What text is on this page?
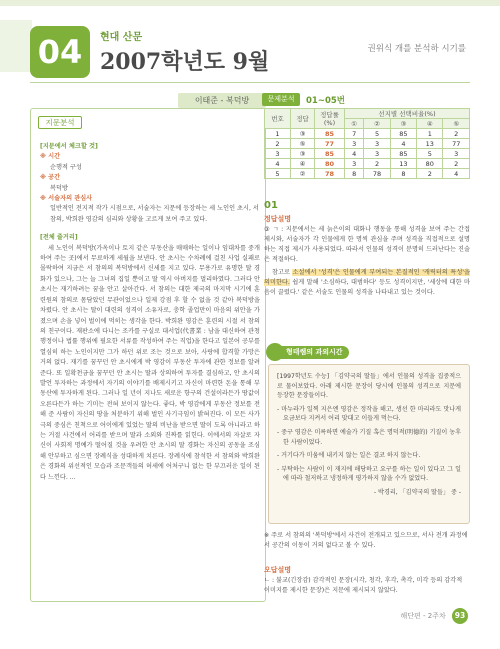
04	현대 산문
2007학년도 9월	권위식 개를 분석하 시기를
이태준 - 복덕방
지문분석
[지문에서 체크할 것]
※ 시간
순행적 구성
※ 공간
복덕방
※ 서술자의 관심사
일반적인 전지적 작가 시점으로, 서술자는 지문에 등장하는 세 노인인 초시, 서 참의, 박희완 영감의 심리와 상황을 고르게 보여 주고 있다.
[전체 줄거리]
세 노인이 복덕방(가옥이나 토지 같은 부동산을 매매하는 일이나 임대차를 중개하여 주는 곳)에서 무료하게 세월을 보낸다. 안 초시는 수차례에 걸친 사업 실패로 몰락하여 지금은 서 참의의 복덕방에서 신세를 지고 있다. 무용가로 유명한 딸 경화가 있으나, 그는 늘 그녀의 집일 뿐이고 딸 역시 아버지를 멀리하였다. 그러다 안 초시는 재기하려는 꿈을 안고 살아간다. 서 참의는 대한 제국의 마지막 시기에 훈련원의 참의로 몸담았던 무관이었으나 일제 강점 후 할 수 없을 것 같아 복덕방을 차렸다. 안 초시는 딸이 대련의 성격이 소유자로, 충학 졸업만이 마음의 위안을 가졌으며 손을 넣어 벌이에 먹히는 생각을 한다. 박희완 영감은 훈련의 시절 서 참의의 친구이다. 재판소에 다니는 조카를 구실로 대서업(代書業 : 남을 대신하여 관청 행정이나 법률 행위에 필요한 서류를 작성하여 주는 직업)을 한다고 일본어 공부를 열심히 하는 노인이지만 그가 하던 위로 조는 것으로 보아, 사랑에 합격할 가망은 거의 없다. 재기를 꿈꾸던 안 초시에게 박 영감이 부동산 투자에 관한 정보를 알려준다. 또 일확천금을 꿈꾸던 안 초시는 딸과 상의하여 투자를 결심하고, 안 초시의 발언 투자하는 과정에서 자기의 이야기를 배제시키고 자신이 마련한 돈을 통해 부동산에 투자하게 된다. 그러나 일 년이 지나도 새로운 항구의 건설이라든가 땅값이 오른다든가 하는 기미는 전혀 보이지 않는다. 좋다, 박 영감에게 부동산 정보를 전해 준 사람이 자신의 땅을 처분하기 위해 벌인 사기극임이 밝혀진다. 이 모든 사가극의 중심은 친척으로 어이에게 있었는 딸의 비난을 받으면 딸이 도록 아니라고 하는 거절 사건에서 어리를 받으며 딸과 소외와 진짜를 읽힌다. 이에서의 자살로 자신이 사회적 명예가 떨어질 것을 우려한 안 초시의 딸 경화는 자신의 공동을 조심해 안부하고 심으면 장례식을 성대하게 치른다. 장례식에 참석한 서 참의와 박희완은 경화의 위선적인 모습과 조문객들의 허세에 어처구니 없는 한 부끄러운 일이 된다 느낀다. ...
문제분석	01~05번
번호	정답	정답률(%)	선지별 선택비율(%)				
			①	②	③	④	⑤
1	③	85	7	5	85	1	2
2	⑤	77	3	3	4	13	77
3	③	85	4	3	85	5	3
4	④	80	3	2	13	80	2
5	②	78	8	78	8	2	4
01
정답설명
③ ㄱ : 지문에서는 세 늙은이의 대화나 행동을 통해 성격을 보여 주는 간접 제시와, 서술자가 각 인물에게 한 명씩 관심을 주며 성격을 직접적으로 설명하는 직접 제시가 사용되었다. 따라서 인물의 성격이 분명히 드러난다는 진술은 적절하다.
참고로 소설에서 '성격'은 인물에게 부여되는 본질적인 '캐릭터의 특성'을 의미한다. 쉽게 말해 '소심하다, 대범하다' 등도 성격이지만, '세상에 대한 마음이 끌렸다.' 같은 서술도 인물의 성격을 나타내고 있는 것이다.
형태쌤의 과외시간

[1997학년도 수능] 「김약국의 딸들」에서 인물의 성격을 집중적으로 물어보았다. 아래 제시한 문장이 당시에 인물의 성격으로 지문에 등장한 문장들이다.

- 마누라가 일찍 지은엔 영감은 정작을 해고, 생선 한 마리라도 맛나게 요금보다 지켜서 어리 맞대고 이들게 먹는다.

- 중구 영감은 미륵하면 예술가 기질 혹은 명덕적(明德的) 기질이 농후한 사람이었다.

- 거기다가 미움에 내키지 않는 일은 결코 하지 않는다.

- 부탁하는 사람이 이 재지에 해당하고 요구를 하는 일이 있다고 그 일에 따라 철저하고 냉정하게 평가하지 않을 수가 없었다.

- 박경리, 「김약국의 딸들」 중 -

※ 주로 서 참의의 '복덕방'에서 사건이 전개되고 있으므로, 서사 전개 과정에서 공간의 이동이 거의 없다고 볼 수 있다.
오답설명
ㄴ : 불교(긴장감) 감각적인 문장(시각, 청각, 후각, 촉각, 미각 등의 감각적 이미지를 제시한 문장)은 지문에 제시되지 않았다.
해단편 - 2주차 93
